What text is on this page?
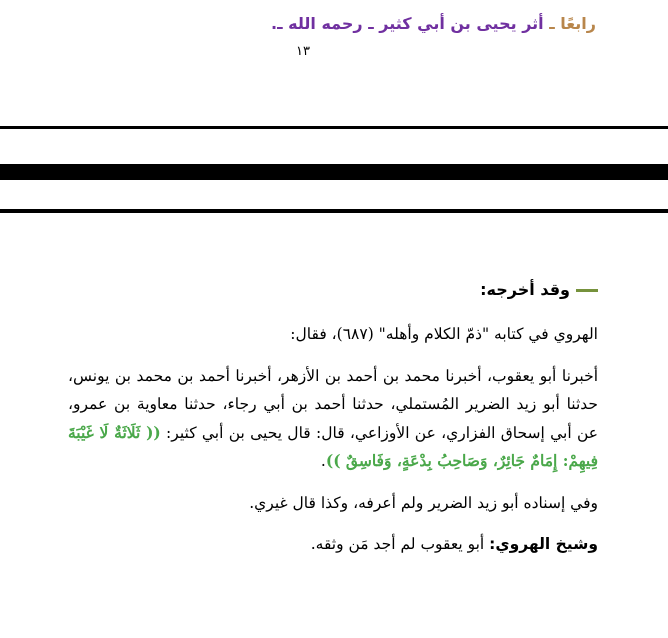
رابعًا ـ أثر يحيى بن أبي كثير ـ رحمه الله ـ.
١٣
وقد أخرجه:

الهروي في كتابه "ذمّ الكلام وأهله" (٦٨٧)، فقال:

أخبرنا أبو يعقوب، أخبرنا محمد بن أحمد بن الأزهر، أخبرنا أحمد بن محمد بن يونس، حدثنا أبو زيد الضرير المُستملي، حدثنا أحمد بن أبي رجاء، حدثنا معاوية بن عمرو، عن أبي إسحاق الفزاري، عن الأوزاعي، قال: قال يحيى بن أبي كثير: (( ثَلَاثَةٌ لَا غَيْبَةَ فِيهِمْ: إِمَامٌ جَائِرٌ، وَصَاحِبُ بِدْعَةٍ، وَفَاسِقٌ )).

وفي إسناده أبو زيد الضرير ولم أعرفه، وكذا قال غيري.

وشيخ الهروي: أبو يعقوب لم أجد مَن وثقه.
